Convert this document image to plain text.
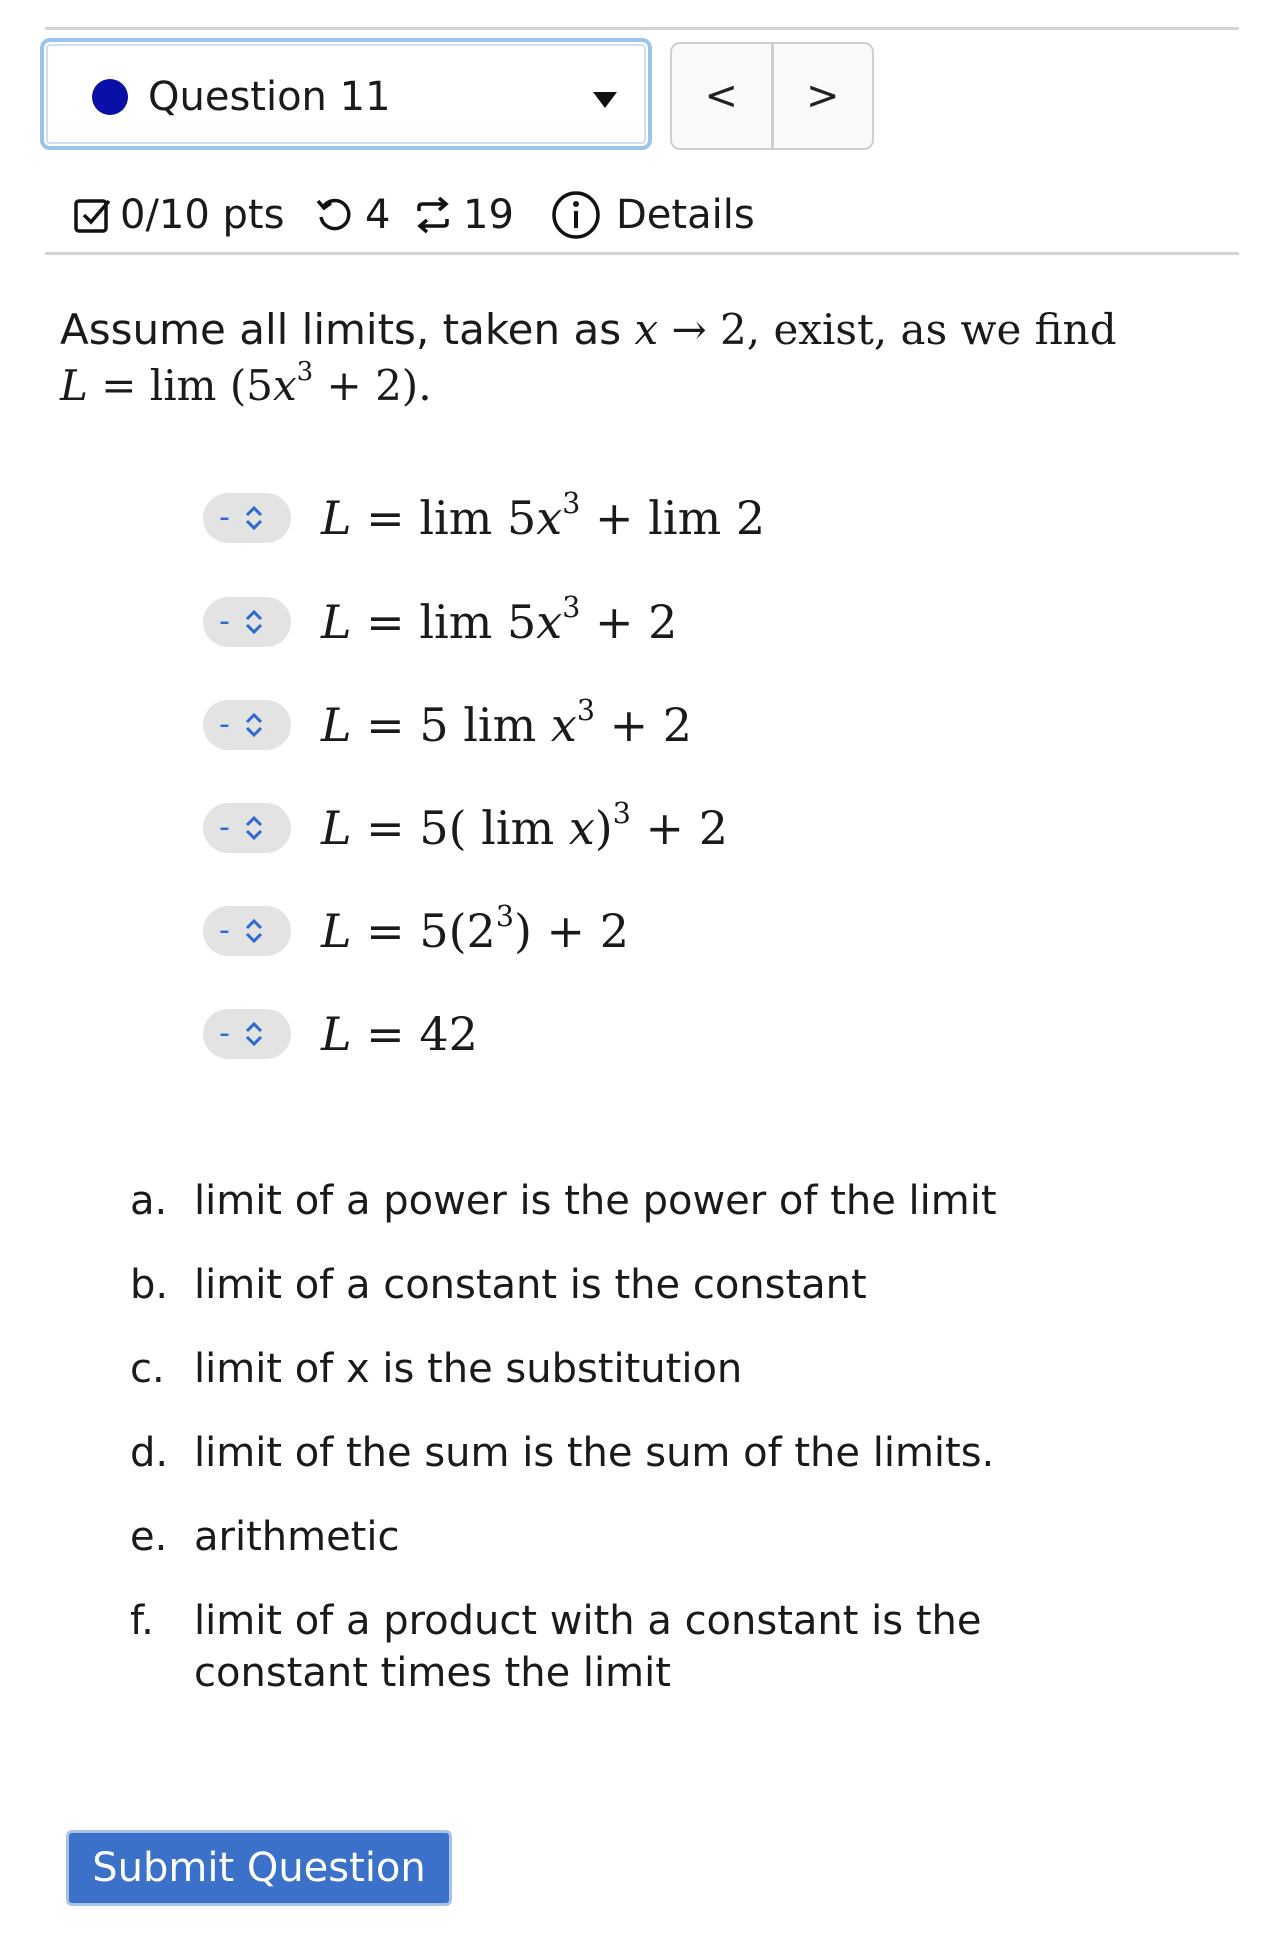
Question 11	<	>
0/10 pts 4 19	Details
Assume all limits, taken as x → 2, exist, as we find
$L = \lim (5x^3 + 2)$.
- $L = \lim 5x^3 + \lim 2$
- $L = \lim 5x^3 + 2$
- L = 5 $\lim x^3 + 2$
- L = 5( lim x)$^3$ + 2
- $L = 5(2^3) + 2$
- L = 42
a. limit of a power is the power of the limit
b. limit of a constant is the constant
c. limit of x is the substitution
d. limit of the sum is the sum of the limits.
e. arithmetic
f.	limit of a product with a constant is the constant times the limit
Submit Question
